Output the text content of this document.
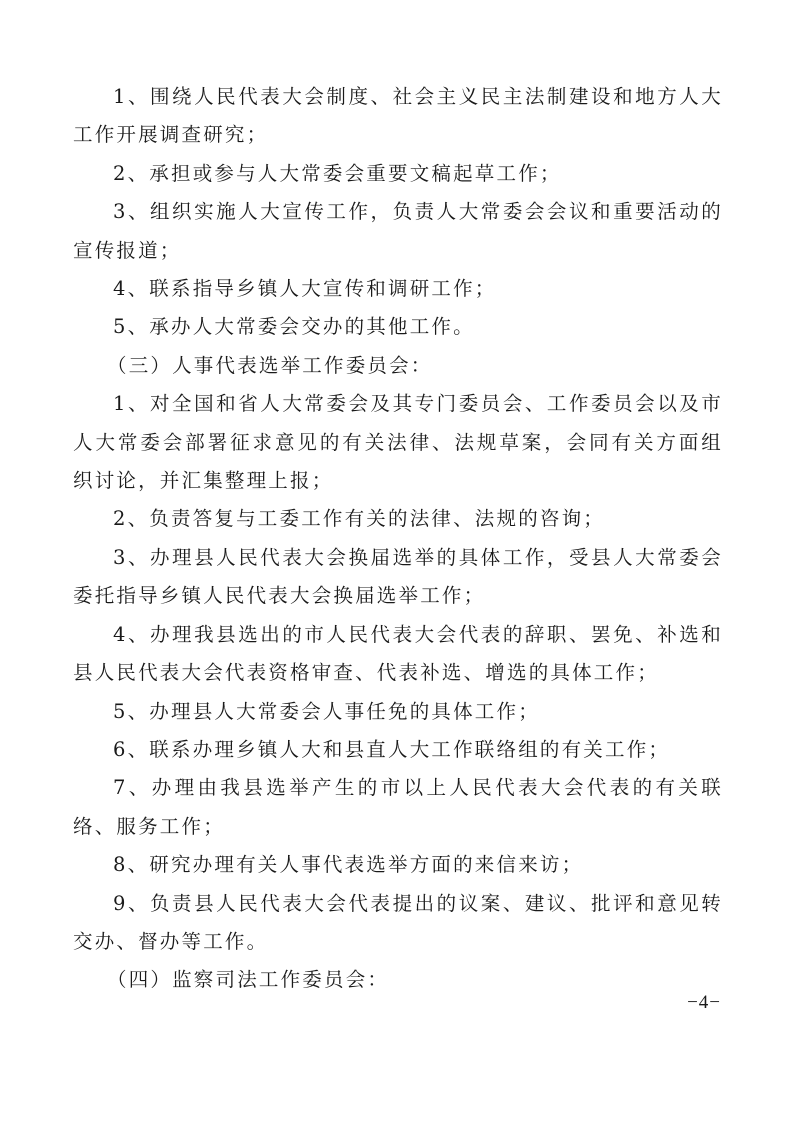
1、围绕人民代表大会制度、社会主义民主法制建设和地方人大工作开展调查研究；

2、承担或参与人大常委会重要文稿起草工作；

3、组织实施人大宣传工作，负责人大常委会会议和重要活动的宣传报道；

4、联系指导乡镇人大宣传和调研工作；

5、承办人大常委会交办的其他工作。

（三）人事代表选举工作委员会：

1、对全国和省人大常委会及其专门委员会、工作委员会以及市人大常委会部署征求意见的有关法律、法规草案，会同有关方面组织讨论，并汇集整理上报；

2、负责答复与工委工作有关的法律、法规的咨询；

3、办理县人民代表大会换届选举的具体工作，受县人大常委会委托指导乡镇人民代表大会换届选举工作；

4、办理我县选出的市人民代表大会代表的辞职、罢免、补选和县人民代表大会代表资格审查、代表补选、增选的具体工作；

5、办理县人大常委会人事任免的具体工作；

6、联系办理乡镇人大和县直人大工作联络组的有关工作；

7、办理由我县选举产生的市以上人民代表大会代表的有关联络、服务工作；

8、研究办理有关人事代表选举方面的来信来访；

9、负责县人民代表大会代表提出的议案、建议、批评和意见转交办、督办等工作。

（四）监察司法工作委员会：

−4−
